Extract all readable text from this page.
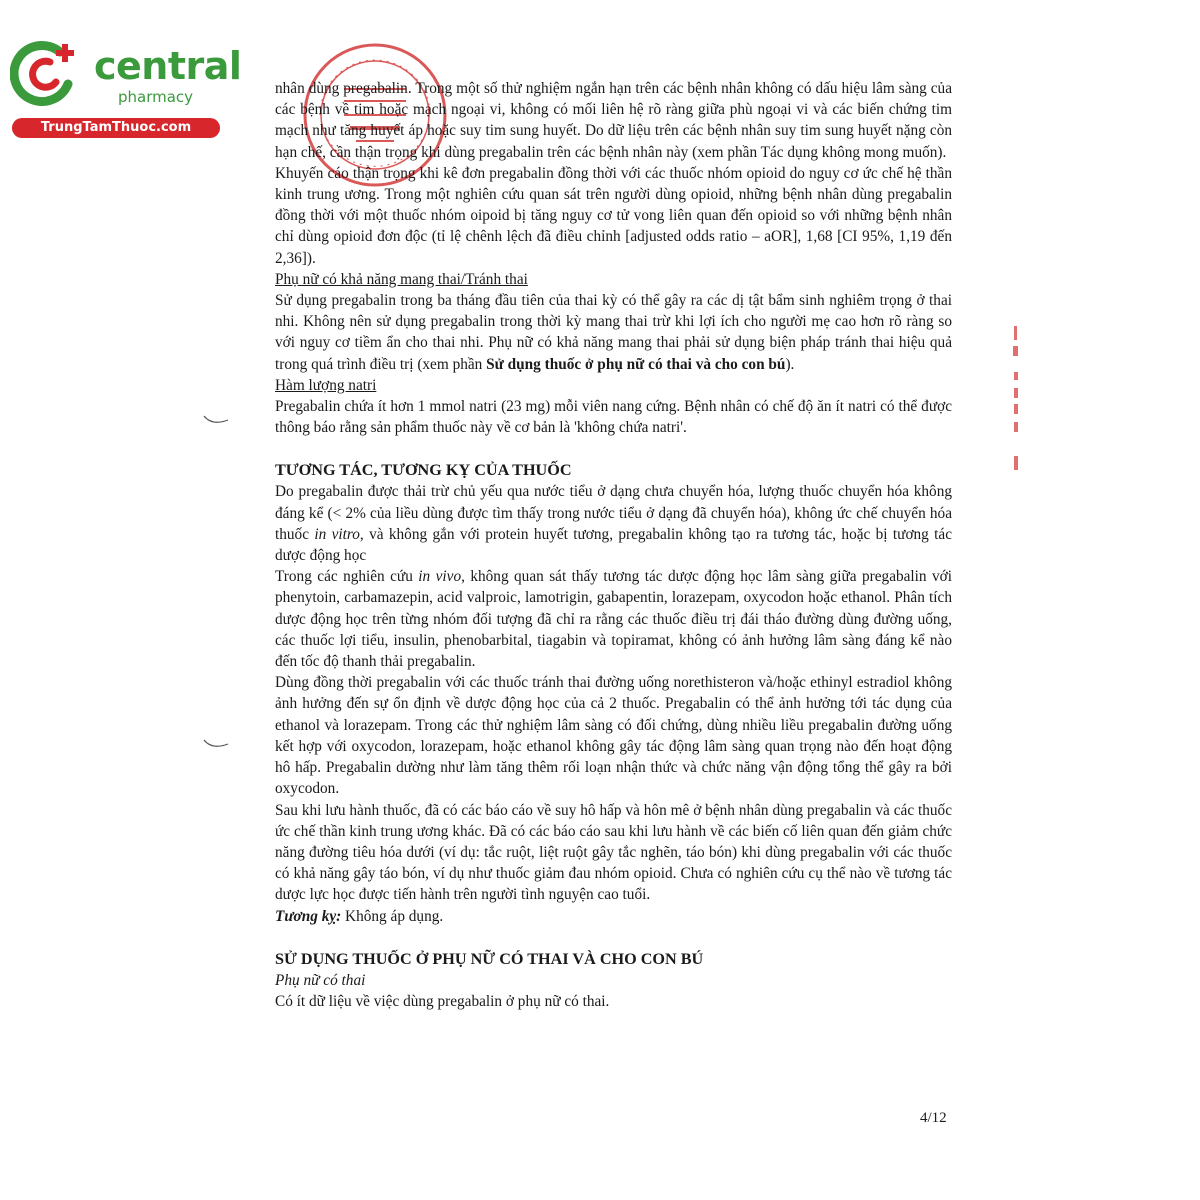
central
pharmacy
TrungTamThuoc.com

nhân dùng pregabalin. Trong một số thử nghiệm ngắn hạn trên các bệnh nhân không có dấu hiệu lâm sàng của các bệnh về tim hoặc mạch ngoại vi, không có mối liên hệ rõ ràng giữa phù ngoại vi và các biến chứng tim mạch như tăng huyết áp hoặc suy tim sung huyết. Do dữ liệu trên các bệnh nhân suy tim sung huyết nặng còn hạn chế, cần thận trọng khi dùng pregabalin trên các bệnh nhân này (xem phần Tác dụng không mong muốn).

Khuyến cáo thận trọng khi kê đơn pregabalin đồng thời với các thuốc nhóm opioid do nguy cơ ức chế hệ thần kinh trung ương. Trong một nghiên cứu quan sát trên người dùng opioid, những bệnh nhân dùng pregabalin đồng thời với một thuốc nhóm oipoid bị tăng nguy cơ tử vong liên quan đến opioid so với những bệnh nhân chỉ dùng opioid đơn độc (tỉ lệ chênh lệch đã điều chỉnh [adjusted odds ratio – aOR], 1,68 [CI 95%, 1,19 đến 2,36]).

Phụ nữ có khả năng mang thai/Tránh thai

Sử dụng pregabalin trong ba tháng đầu tiên của thai kỳ có thể gây ra các dị tật bẩm sinh nghiêm trọng ở thai nhi. Không nên sử dụng pregabalin trong thời kỳ mang thai trừ khi lợi ích cho người mẹ cao hơn rõ ràng so với nguy cơ tiềm ẩn cho thai nhi. Phụ nữ có khả năng mang thai phải sử dụng biện pháp tránh thai hiệu quả trong quá trình điều trị (xem phần Sử dụng thuốc ở phụ nữ có thai và cho con bú).

Hàm lượng natri

Pregabalin chứa ít hơn 1 mmol natri (23 mg) mỗi viên nang cứng. Bệnh nhân có chế độ ăn ít natri có thể được thông báo rằng sản phẩm thuốc này về cơ bản là 'không chứa natri'.

TƯƠNG TÁC, TƯƠNG KỴ CỦA THUỐC

Do pregabalin được thải trừ chủ yếu qua nước tiểu ở dạng chưa chuyển hóa, lượng thuốc chuyển hóa không đáng kể (< 2% của liều dùng được tìm thấy trong nước tiểu ở dạng đã chuyển hóa), không ức chế chuyển hóa thuốc in vitro, và không gắn với protein huyết tương, pregabalin không tạo ra tương tác, hoặc bị tương tác dược động học

Trong các nghiên cứu in vivo, không quan sát thấy tương tác dược động học lâm sàng giữa pregabalin với phenytoin, carbamazepin, acid valproic, lamotrigin, gabapentin, lorazepam, oxycodon hoặc ethanol. Phân tích dược động học trên từng nhóm đối tượng đã chỉ ra rằng các thuốc điều trị đái tháo đường dùng đường uống, các thuốc lợi tiểu, insulin, phenobarbital, tiagabin và topiramat, không có ảnh hưởng lâm sàng đáng kể nào đến tốc độ thanh thải pregabalin.

Dùng đồng thời pregabalin với các thuốc tránh thai đường uống norethisteron và/hoặc ethinyl estradiol không ảnh hưởng đến sự ổn định về dược động học của cả 2 thuốc. Pregabalin có thể ảnh hưởng tới tác dụng của ethanol và lorazepam. Trong các thử nghiệm lâm sàng có đối chứng, dùng nhiều liều pregabalin đường uống kết hợp với oxycodon, lorazepam, hoặc ethanol không gây tác động lâm sàng quan trọng nào đến hoạt động hô hấp. Pregabalin dường như làm tăng thêm rối loạn nhận thức và chức năng vận động tổng thể gây ra bởi oxycodon.

Sau khi lưu hành thuốc, đã có các báo cáo về suy hô hấp và hôn mê ở bệnh nhân dùng pregabalin và các thuốc ức chế thần kinh trung ương khác. Đã có các báo cáo sau khi lưu hành về các biến cố liên quan đến giảm chức năng đường tiêu hóa dưới (ví dụ: tắc ruột, liệt ruột gây tắc nghẽn, táo bón) khi dùng pregabalin với các thuốc có khả năng gây táo bón, ví dụ như thuốc giảm đau nhóm opioid. Chưa có nghiên cứu cụ thể nào về tương tác dược lực học được tiến hành trên người tình nguyện cao tuổi.

Tương kỵ: Không áp dụng.

SỬ DỤNG THUỐC Ở PHỤ NỮ CÓ THAI VÀ CHO CON BÚ

Phụ nữ có thai

Có ít dữ liệu về việc dùng pregabalin ở phụ nữ có thai.

4/12
